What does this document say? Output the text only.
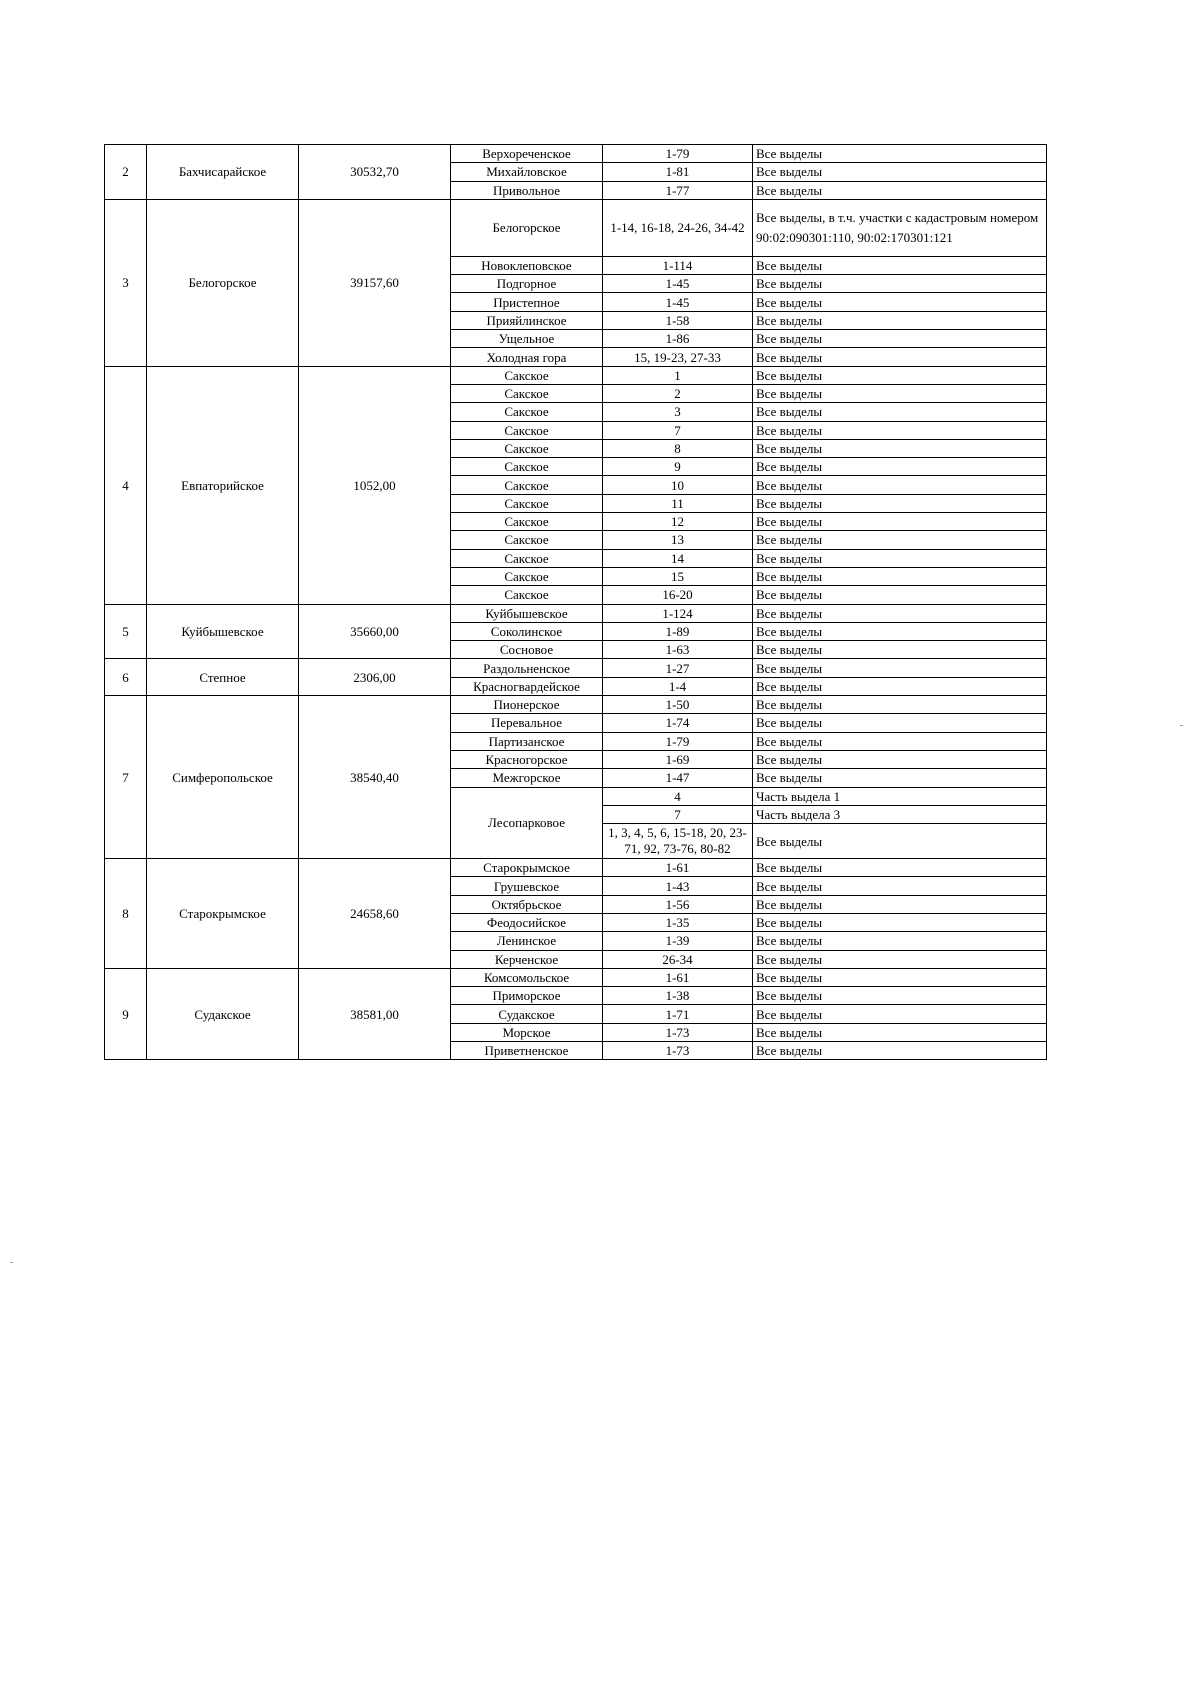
2	Бахчисарайское	30532,70	Верхореченское	1-79	Все выделы
			Михайловское	1-81	Все выделы
			Привольное	1-77	Все выделы
3	Белогорское	39157,60	Белогорское	1-14, 16-18, 24-26, 34-42	Все выделы, в т.ч. участки с кадастровым номером 90:02:090301:110, 90:02:170301:121
			Новоклеповское	1-114	Все выделы
			Подгорное	1-45	Все выделы
			Пристепное	1-45	Все выделы
			Прияйлинское	1-58	Все выделы
			Ущельное	1-86	Все выделы
			Холодная гора	15, 19-23, 27-33	Все выделы
4	Евпаторийское	1052,00	Сакское	1	Все выделы
			Сакское	2	Все выделы
			Сакское	3	Все выделы
			Сакское	7	Все выделы
			Сакское	8	Все выделы
			Сакское	9	Все выделы
			Сакское	10	Все выделы
			Сакское	11	Все выделы
			Сакское	12	Все выделы
			Сакское	13	Все выделы
			Сакское	14	Все выделы
			Сакское	15	Все выделы
			Сакское	16-20	Все выделы
5	Куйбышевское	35660,00	Куйбышевское	1-124	Все выделы
			Соколинское	1-89	Все выделы
			Сосновое	1-63	Все выделы
6	Степное	2306,00	Раздольненское	1-27	Все выделы
			Красногвардейское	1-4	Все выделы
7	Симферопольское	38540,40	Пионерское	1-50	Все выделы
			Перевальное	1-74	Все выделы
			Партизанское	1-79	Все выделы
			Красногорское	1-69	Все выделы
			Межгорское	1-47	Все выделы
			Лесопарковое	4	Часть выдела 1
				7	Часть выдела 3
				1, 3, 4, 5, 6, 15-18, 20, 23-71, 92, 73-76, 80-82	Все выделы
8	Старокрымское	24658,60	Старокрымское	1-61	Все выделы
			Грушевское	1-43	Все выделы
			Октябрьское	1-56	Все выделы
			Феодосийское	1-35	Все выделы
			Ленинское	1-39	Все выделы
			Керченское	26-34	Все выделы
9	Судакское	38581,00	Комсомольское	1-61	Все выделы
			Приморское	1-38	Все выделы
			Судакское	1-71	Все выделы
			Морское	1-73	Все выделы
			Приветненское	1-73	Все выделы
